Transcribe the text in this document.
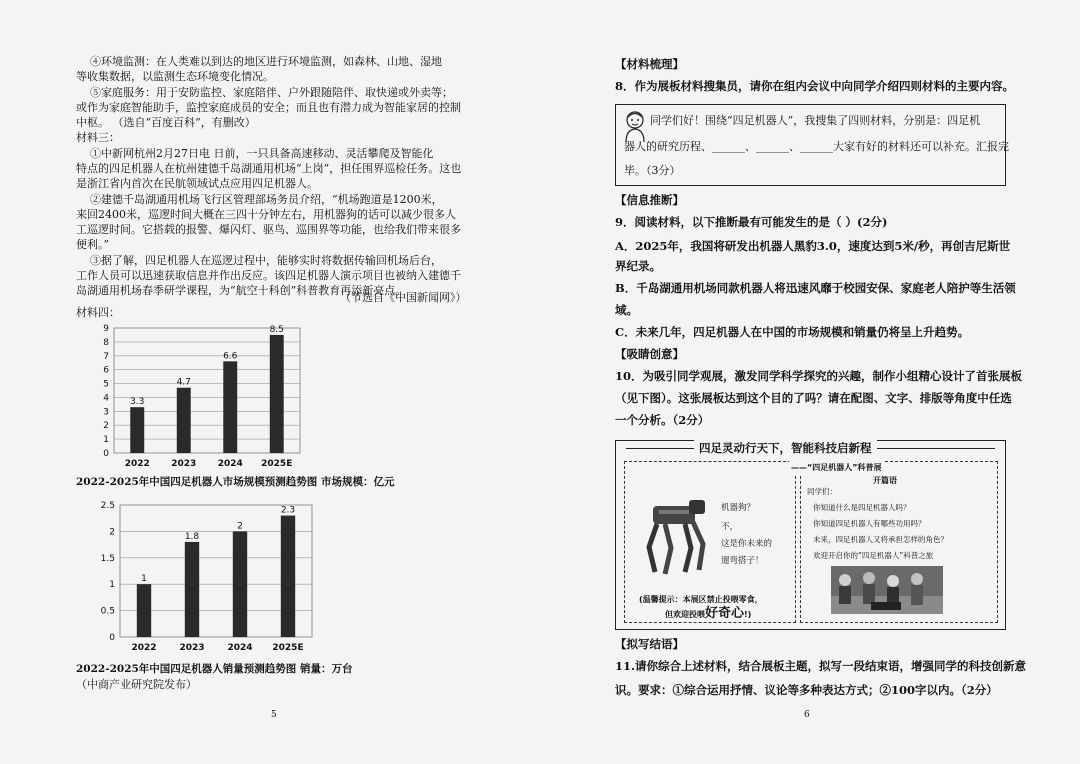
④环境监测：在人类难以到达的地区进行环境监测，如森林、山地、湿地
等收集数据，以监测生态环境变化情况。
⑤家庭服务：用于安防监控、家庭陪伴、户外跟随陪伴、取快递或外卖等；
或作为家庭智能助手，监控家庭成员的安全；而且也有潜力成为智能家居的控制
中枢。 （选自“百度百科”，有删改）
材料三：
①中新网杭州2月27日电 日前，一只具备高速移动、灵活攀爬及智能化
特点的四足机器人在杭州建德千岛湖通用机场“上岗”，担任围界巡检任务。这也
是浙江省内首次在民航领域试点应用四足机器人。
②建德千岛湖通用机场飞行区管理部场务员介绍，“机场跑道是1200米，
来回2400米，巡逻时间大概在三四十分钟左右，用机器狗的话可以减少很多人
工巡逻时间。它搭载的报警、爆闪灯、驱鸟、巡围界等功能，也给我们带来很多
便利。”
③据了解，四足机器人在巡逻过程中，能够实时将数据传输回机场后台，
工作人员可以迅速获取信息并作出反应。该四足机器人演示项目也被纳入建德千
岛湖通用机场春季研学课程，为“航空十科创”科普教育再添新亮点。
（节选自《中国新闻网》）
材料四：
0
1
2
3
4
5
6
7
8
9
3.3
2022
4.7
2023
6.6
2024
8.5
2025E
2022-2025年中国四足机器人市场规模预测趋势图 市场规模：亿元
0
0.5
1
1.5
2
2.5
1
2022
1.8
2023
2
2024
2.3
2025E
2022-2025年中国四足机器人销量预测趋势图 销量：万台
（中商产业研究院发布）
5
【材料梳理】
8．作为展板材料搜集员，请你在组内会议中向同学介绍四则材料的主要内容。
同学们好！围绕“四足机器人”，我搜集了四则材料，分别是：四足机
器人的研究历程、______、______、______大家有好的材料还可以补充。汇报完
毕。（3分）
【信息推断】
9．阅读材料，以下推断最有可能发生的是（ ）(2分)
A．2025年，我国将研发出机器人黑豹3.0，速度达到5米/秒，再创吉尼斯世
界纪录。
B．千岛湖通用机场同款机器人将迅速风靡于校园安保、家庭老人陪护等生活领
域。
C．未来几年，四足机器人在中国的市场规模和销量仍将呈上升趋势。
【吸睛创意】
10．为吸引同学观展，激发同学科学探究的兴趣，制作小组精心设计了首张展板
（见下图）。这张展板达到这个目的了吗？请在配图、文字、排版等角度中任选
一个分析。（2分）
四足灵动行天下，智能科技启新程
机器狗？
不，
这是你未来的
遛弯搭子！
(温馨提示：本展区禁止投喂零食，
但欢迎投喂好奇心!)
——“四足机器人”科普展
开篇语
同学们：
你知道什么是四足机器人吗？
你知道四足机器人有哪些功用吗？
未来，四足机器人又将承担怎样的角色？
欢迎开启你的“四足机器人”科普之旅
【拟写结语】
11.请你综合上述材料，结合展板主题，拟写一段结束语，增强同学的科技创新意
识。要求：①综合运用抒情、议论等多种表达方式；②100字以内。（2分）
6
